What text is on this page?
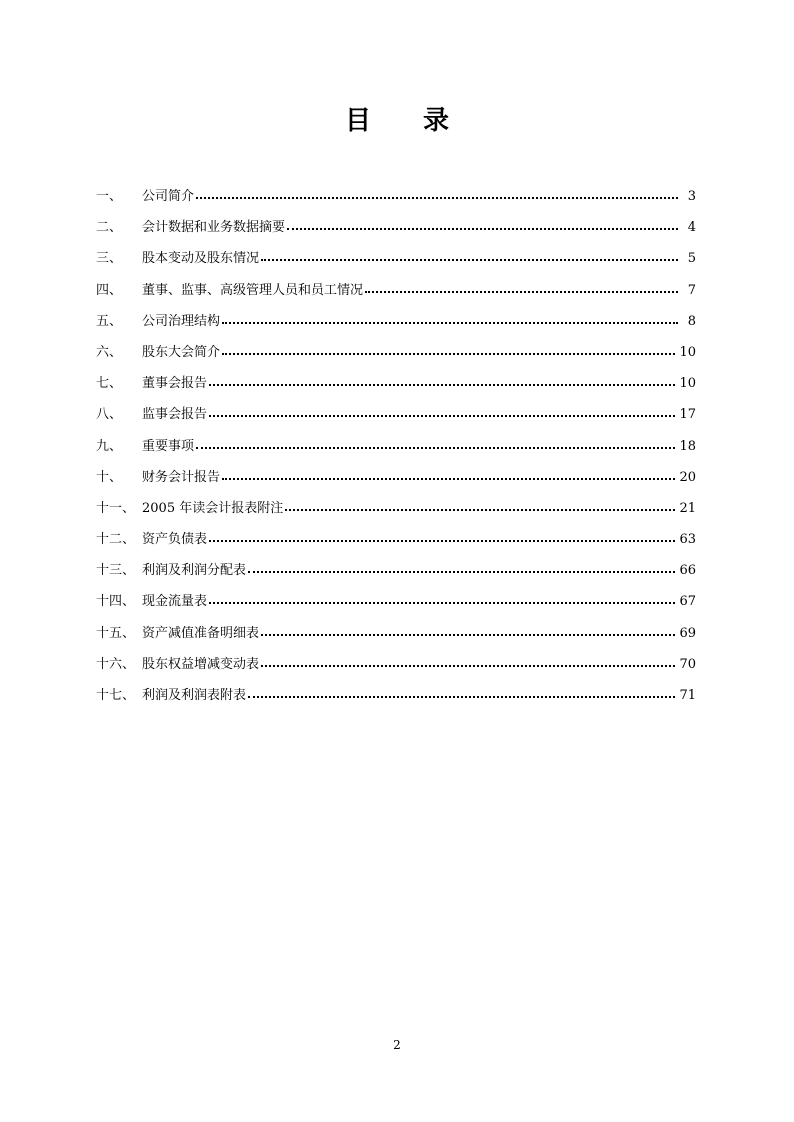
目 录
一、	公司简介	3
二、	会计数据和业务数据摘要	4
三、	股本变动及股东情况	5
四、	董事、监事、高级管理人员和员工情况	7
五、	公司治理结构	8
六、	股东大会简介	10
七、	董事会报告	10
八、	监事会报告	17
九、	重要事项	18
十、	财务会计报告	20
十一、 2005 年读会计报表附注	21
十二、 资产负债表	63
十三、 利润及利润分配表	66
十四、 现金流量表	67
十五、 资产减值准备明细表	69
十六、 股东权益增减变动表	70
十七、 利润及利润表附表	71
2
